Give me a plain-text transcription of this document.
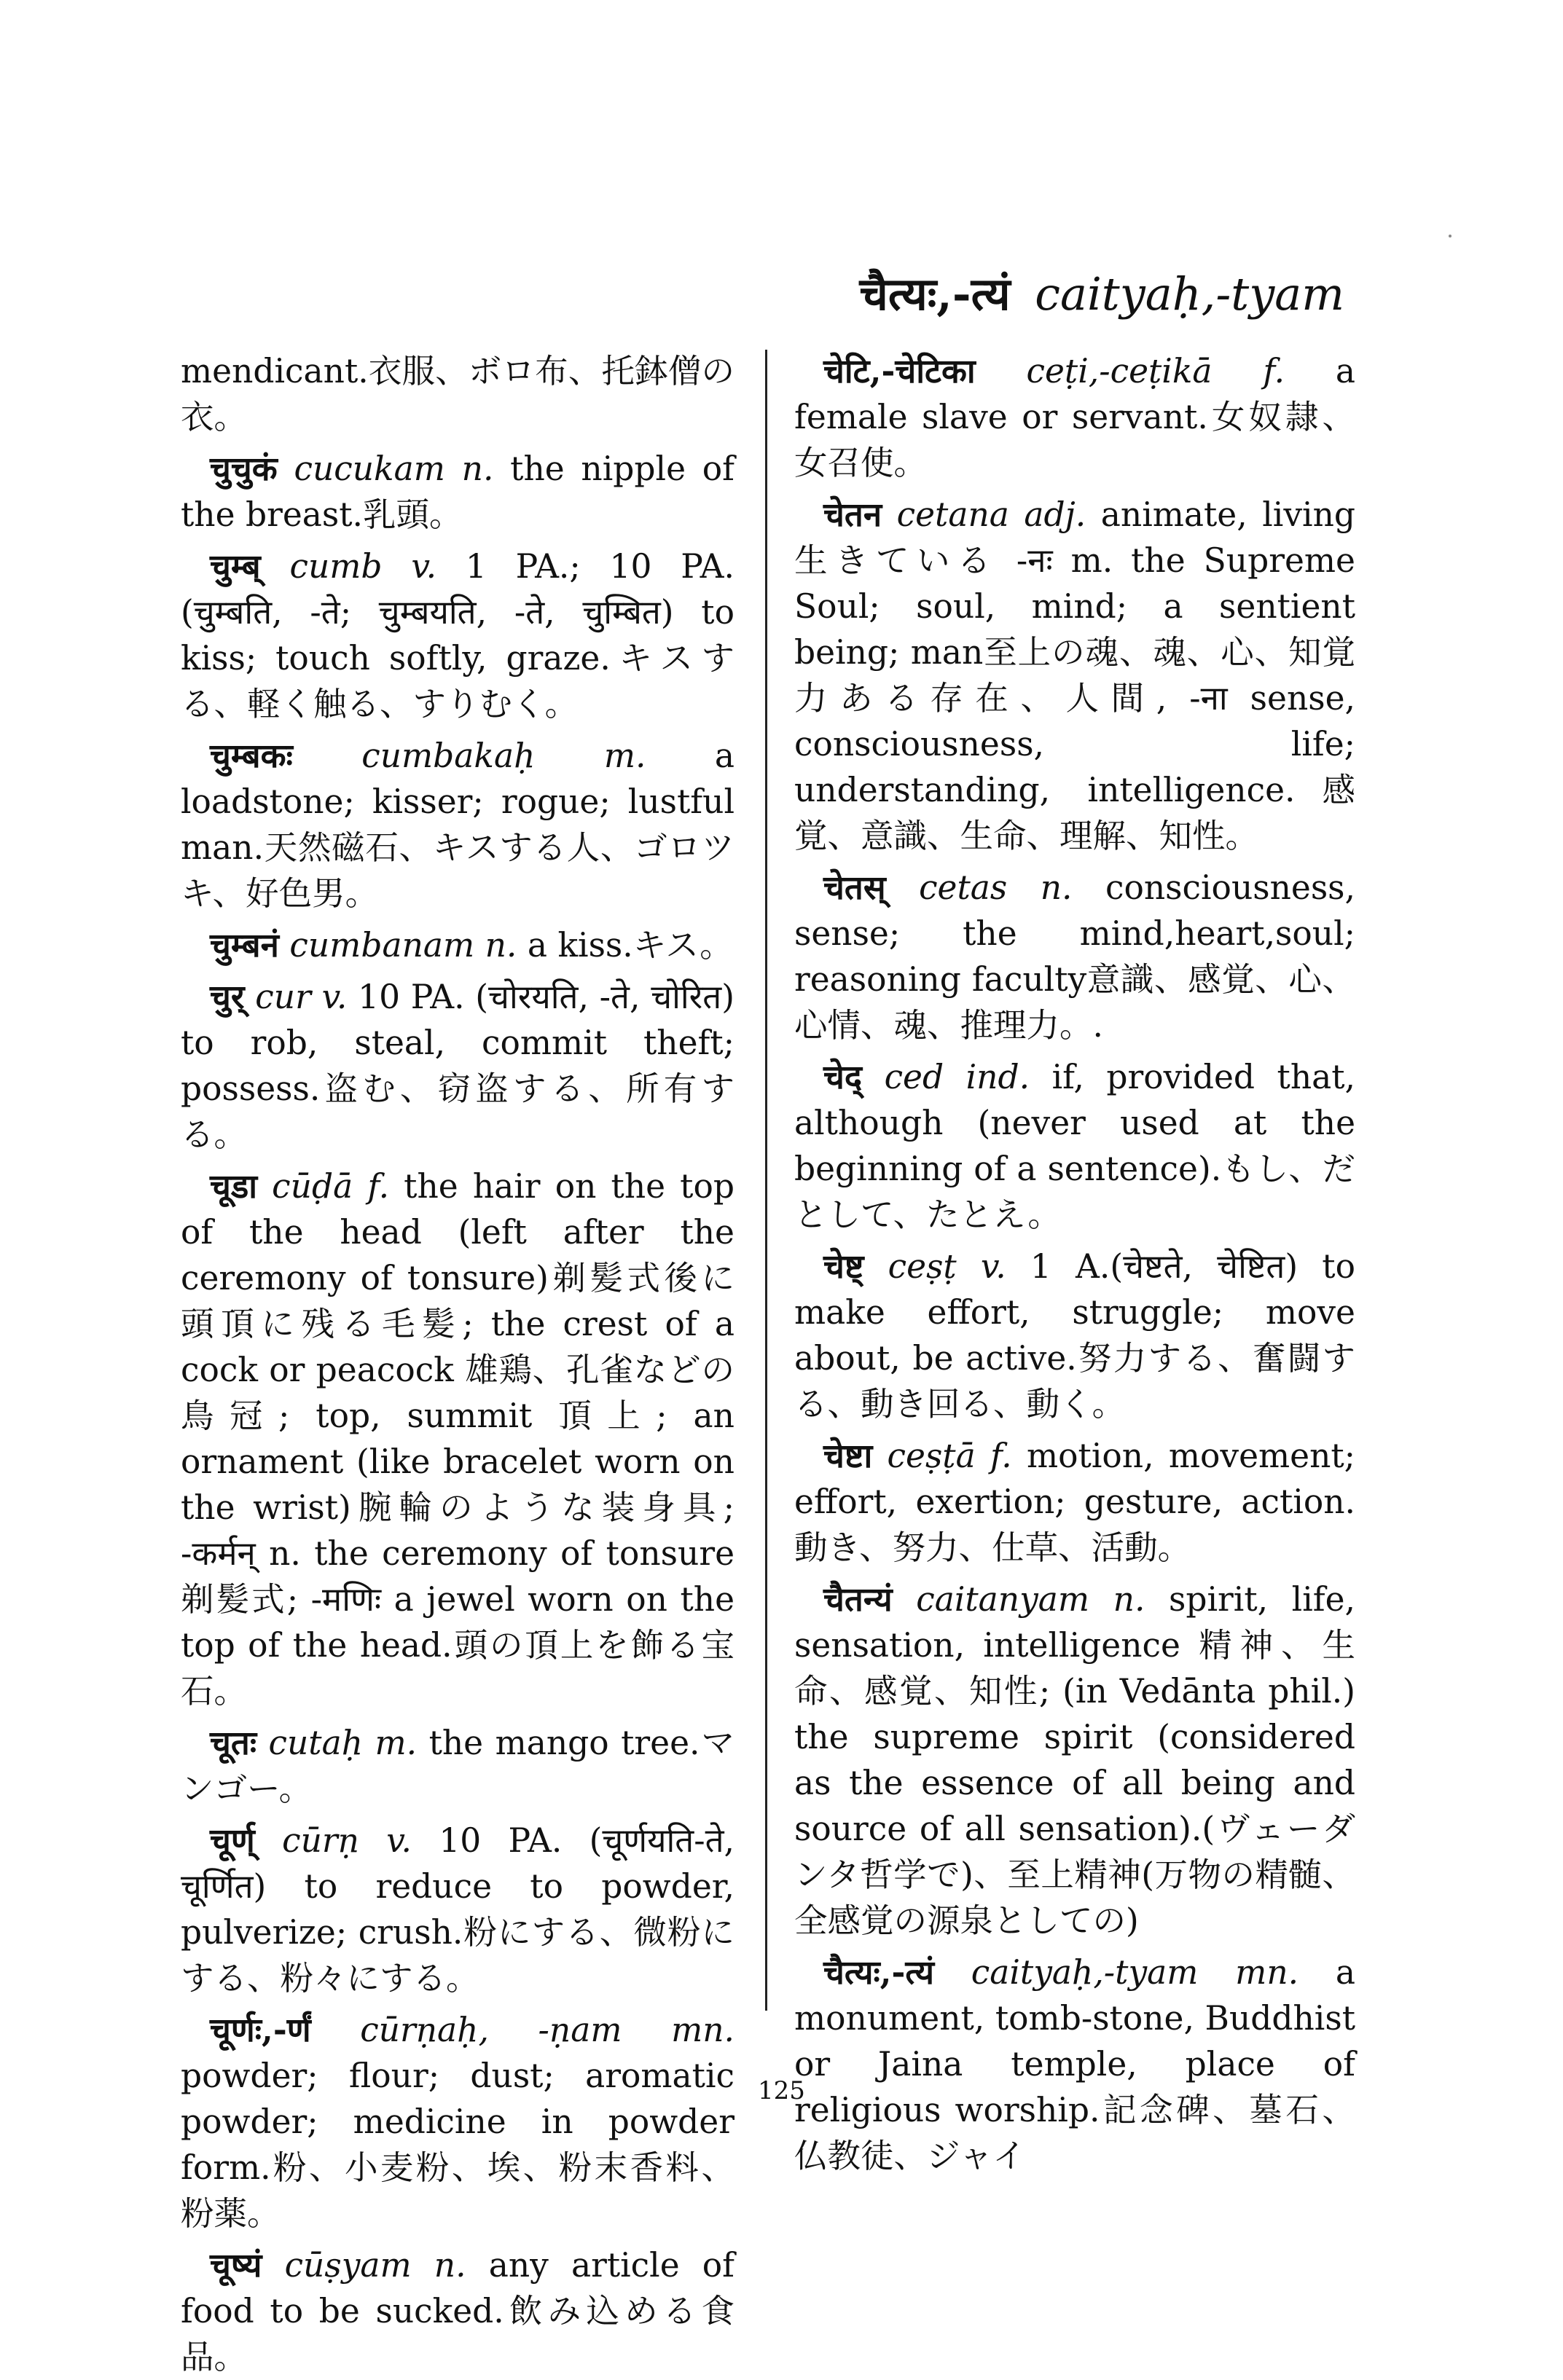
चैत्यः,-त्यं caityaḥ,-tyam

mendicant.衣服、ボロ布、托鉢僧の衣。

चुचुकं cucukam n. the nipple of the breast.乳頭。

चुम्ब् cumb v. 1 PA.; 10 PA. (चुम्बति, -ते; चुम्बयति, -ते, चुम्बित) to kiss; touch softly, graze.キスする、軽く触る、すりむく。

चुम्बकः cumbakaḥ m. a loadstone; kisser; rogue; lustful man.天然磁石、キスする人、ゴロツキ、好色男。

चुम्बनं cumbanam n. a kiss.キス。

चुर् cur v. 10 PA. (चोरयति, -ते, चोरित) to rob, steal, commit theft; possess.盗む、窃盗する、所有する。

चूडा cūḍā f. the hair on the top of the head (left after the ceremony of tonsure)剃髪式後に頭頂に残る毛髪; the crest of a cock or peacock 雄鶏、孔雀などの鳥冠; top, summit 頂上; an ornament (like bracelet worn on the wrist)腕輪のような装身具; -कर्मन् n. the ceremony of tonsure 剃髪式; -मणिः a jewel worn on the top of the head.頭の頂上を飾る宝石。

चूतः cutaḥ m. the mango tree.マンゴー。

चूर्ण् cūrṇ v. 10 PA. (चूर्णयति-ते, चूर्णित) to reduce to powder, pulverize; crush.粉にする、微粉にする、粉々にする。

चूर्णः,-र्णं cūrṇaḥ, -ṇam mn. powder; flour; dust; aromatic powder; medicine in powder form.粉、小麦粉、埃、粉末香料、粉薬。

चूष्यं cūṣyam n. any article of food to be sucked.飲み込める食品。

चेटि,-चेटिका ceṭi,-ceṭikā f. a female slave or servant.女奴隷、女召使。

चेतन cetana adj. animate, living生きている -नः m. the Supreme Soul; soul, mind; a sentient being; man至上の魂、魂、心、知覚力ある存在、人間, -ना sense, consciousness, life; understanding, intelligence.感覚、意識、生命、理解、知性。

चेतस् cetas n. consciousness, sense; the mind,heart,soul; reasoning faculty意識、感覚、心、心情、魂、推理力。.

चेद् ced ind. if, provided that, although (never used at the beginning of a sentence).もし、だとして、たとえ。

चेष्ट् ceṣṭ v. 1 A.(चेष्टते, चेष्टित) to make effort, struggle; move about, be active.努力する、奮闘する、動き回る、動く。

चेष्टा ceṣṭā f. motion, movement; effort, exertion; gesture, action.動き、努力、仕草、活動。

चैतन्यं caitanyam n. spirit, life, sensation, intelligence 精神、生命、感覚、知性; (in Vedānta phil.) the supreme spirit (considered as the essence of all being and source of all sensation).(ヴェーダンタ哲学で)、至上精神(万物の精髄、全感覚の源泉としての)

चैत्यः,-त्यं caityaḥ,-tyam mn. a monument, tomb-stone, Buddhist or Jaina temple, place of religious worship.記念碑、墓石、仏教徒、ジャイ

125
